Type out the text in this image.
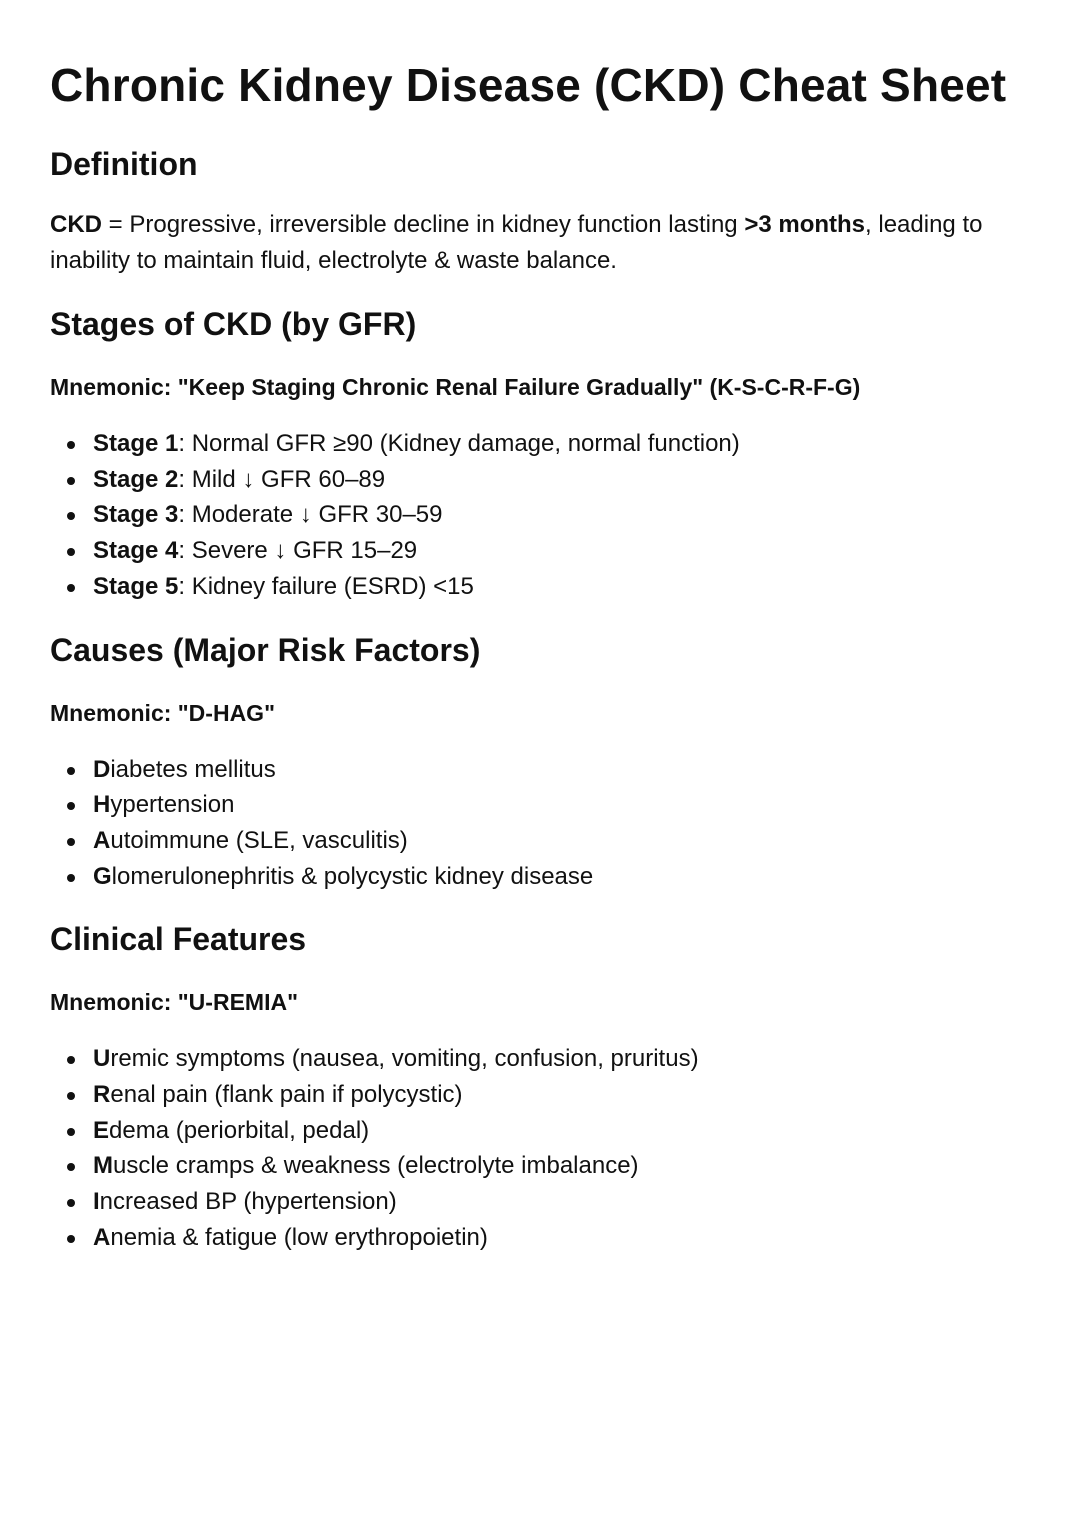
Chronic Kidney Disease (CKD) Cheat Sheet
Definition

CKD = Progressive, irreversible decline in kidney function lasting >3 months, leading to inability to maintain fluid, electrolyte & waste balance.

Stages of CKD (by GFR)
Mnemonic: "Keep Staging Chronic Renal Failure Gradually" (K-S-C-R-F-G)
Stage 1: Normal GFR ≥90 (Kidney damage, normal function)
Stage 2: Mild ↓ GFR 60–89
Stage 3: Moderate ↓ GFR 30–59
Stage 4: Severe ↓ GFR 15–29
Stage 5: Kidney failure (ESRD) <15
Causes (Major Risk Factors)
Mnemonic: "D-HAG"
Diabetes mellitus
Hypertension
Autoimmune (SLE, vasculitis)
Glomerulonephritis & polycystic kidney disease
Clinical Features
Mnemonic: "U-REMIA"
Uremic symptoms (nausea, vomiting, confusion, pruritus)
Renal pain (flank pain if polycystic)
Edema (periorbital, pedal)
Muscle cramps & weakness (electrolyte imbalance)
Increased BP (hypertension)
Anemia & fatigue (low erythropoietin)
